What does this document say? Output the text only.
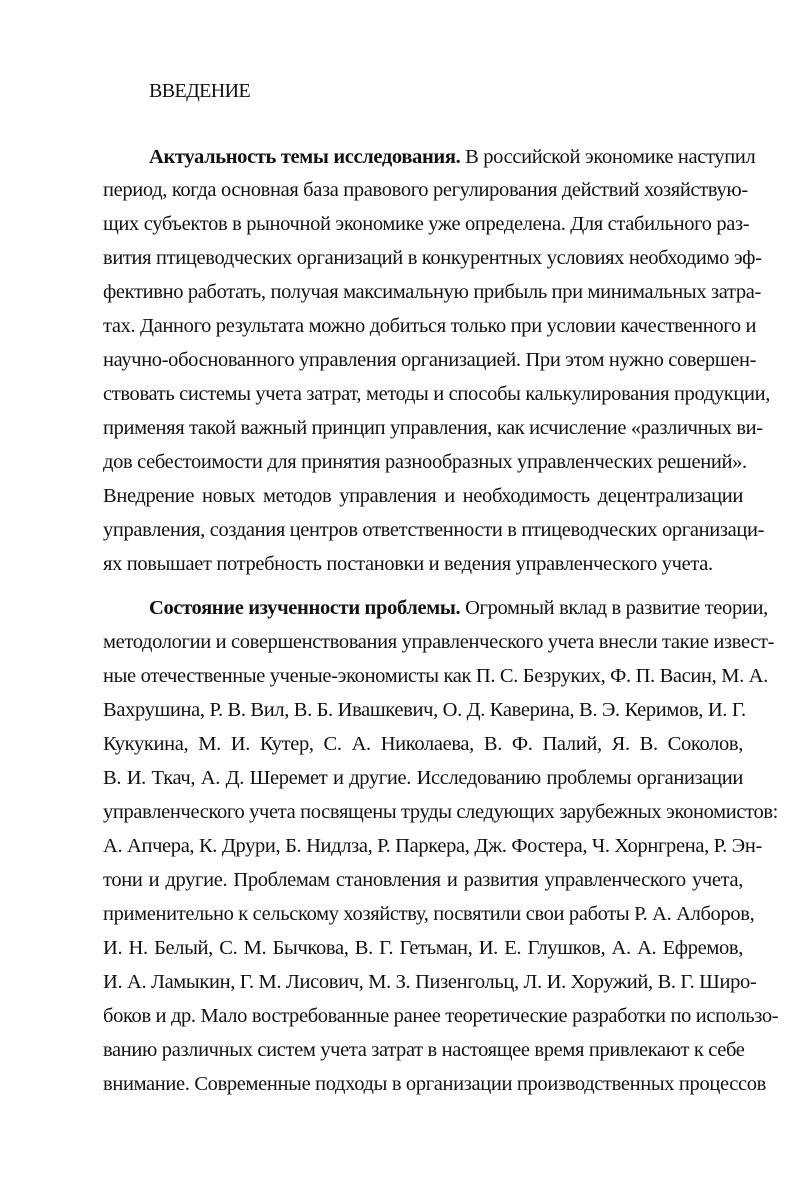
ВВЕДЕНИЕ
Актуальность темы исследования. В российской экономике наступил
период, когда основная база правового регулирования действий хозяйствую-
щих субъектов в рыночной экономике уже определена. Для стабильного раз-
вития птицеводческих организаций в конкурентных условиях необходимо эф-
фективно работать, получая максимальную прибыль при минимальных затра-
тах. Данного результата можно добиться только при условии качественного и
научно-обоснованного управления организацией. При этом нужно совершен-
ствовать системы учета затрат, методы и способы калькулирования продукции,
применяя такой важный принцип управления, как исчисление «различных ви-
дов себестоимости для принятия разнообразных управленческих решений».
Внедрение новых методов управления и необходимость децентрализации
управления, создания центров ответственности в птицеводческих организаци-
ях повышает потребность постановки и ведения управленческого учета.
Состояние изученности проблемы. Огромный вклад в развитие теории,
методологии и совершенствования управленческого учета внесли такие извест-
ные отечественные ученые-экономисты как П. С. Безруких, Ф. П. Васин, М. А.
Вахрушина, Р. В. Вил, В. Б. Ивашкевич, О. Д. Каверина, В. Э. Керимов, И. Г.
Кукукина, М. И. Кутер, С. А. Николаева, В. Ф. Палий, Я. В. Соколов,
В. И. Ткач, А. Д. Шеремет и другие. Исследованию проблемы организации
управленческого учета посвящены труды следующих зарубежных экономистов:
А. Апчера, К. Друри, Б. Нидлза, Р. Паркера, Дж. Фостера, Ч. Хорнгрена, Р. Эн-
тони и другие. Проблемам становления и развития управленческого учета,
применительно к сельскому хозяйству, посвятили свои работы Р. А. Алборов,
И. Н. Белый, С. М. Бычкова, В. Г. Гетьман, И. Е. Глушков, А. А. Ефремов,
И. А. Ламыкин, Г. М. Лисович, М. З. Пизенгольц, Л. И. Хоружий, В. Г. Широ-
боков и др. Мало востребованные ранее теоретические разработки по использо-
ванию различных систем учета затрат в настоящее время привлекают к себе
внимание. Современные подходы в организации производственных процессов
